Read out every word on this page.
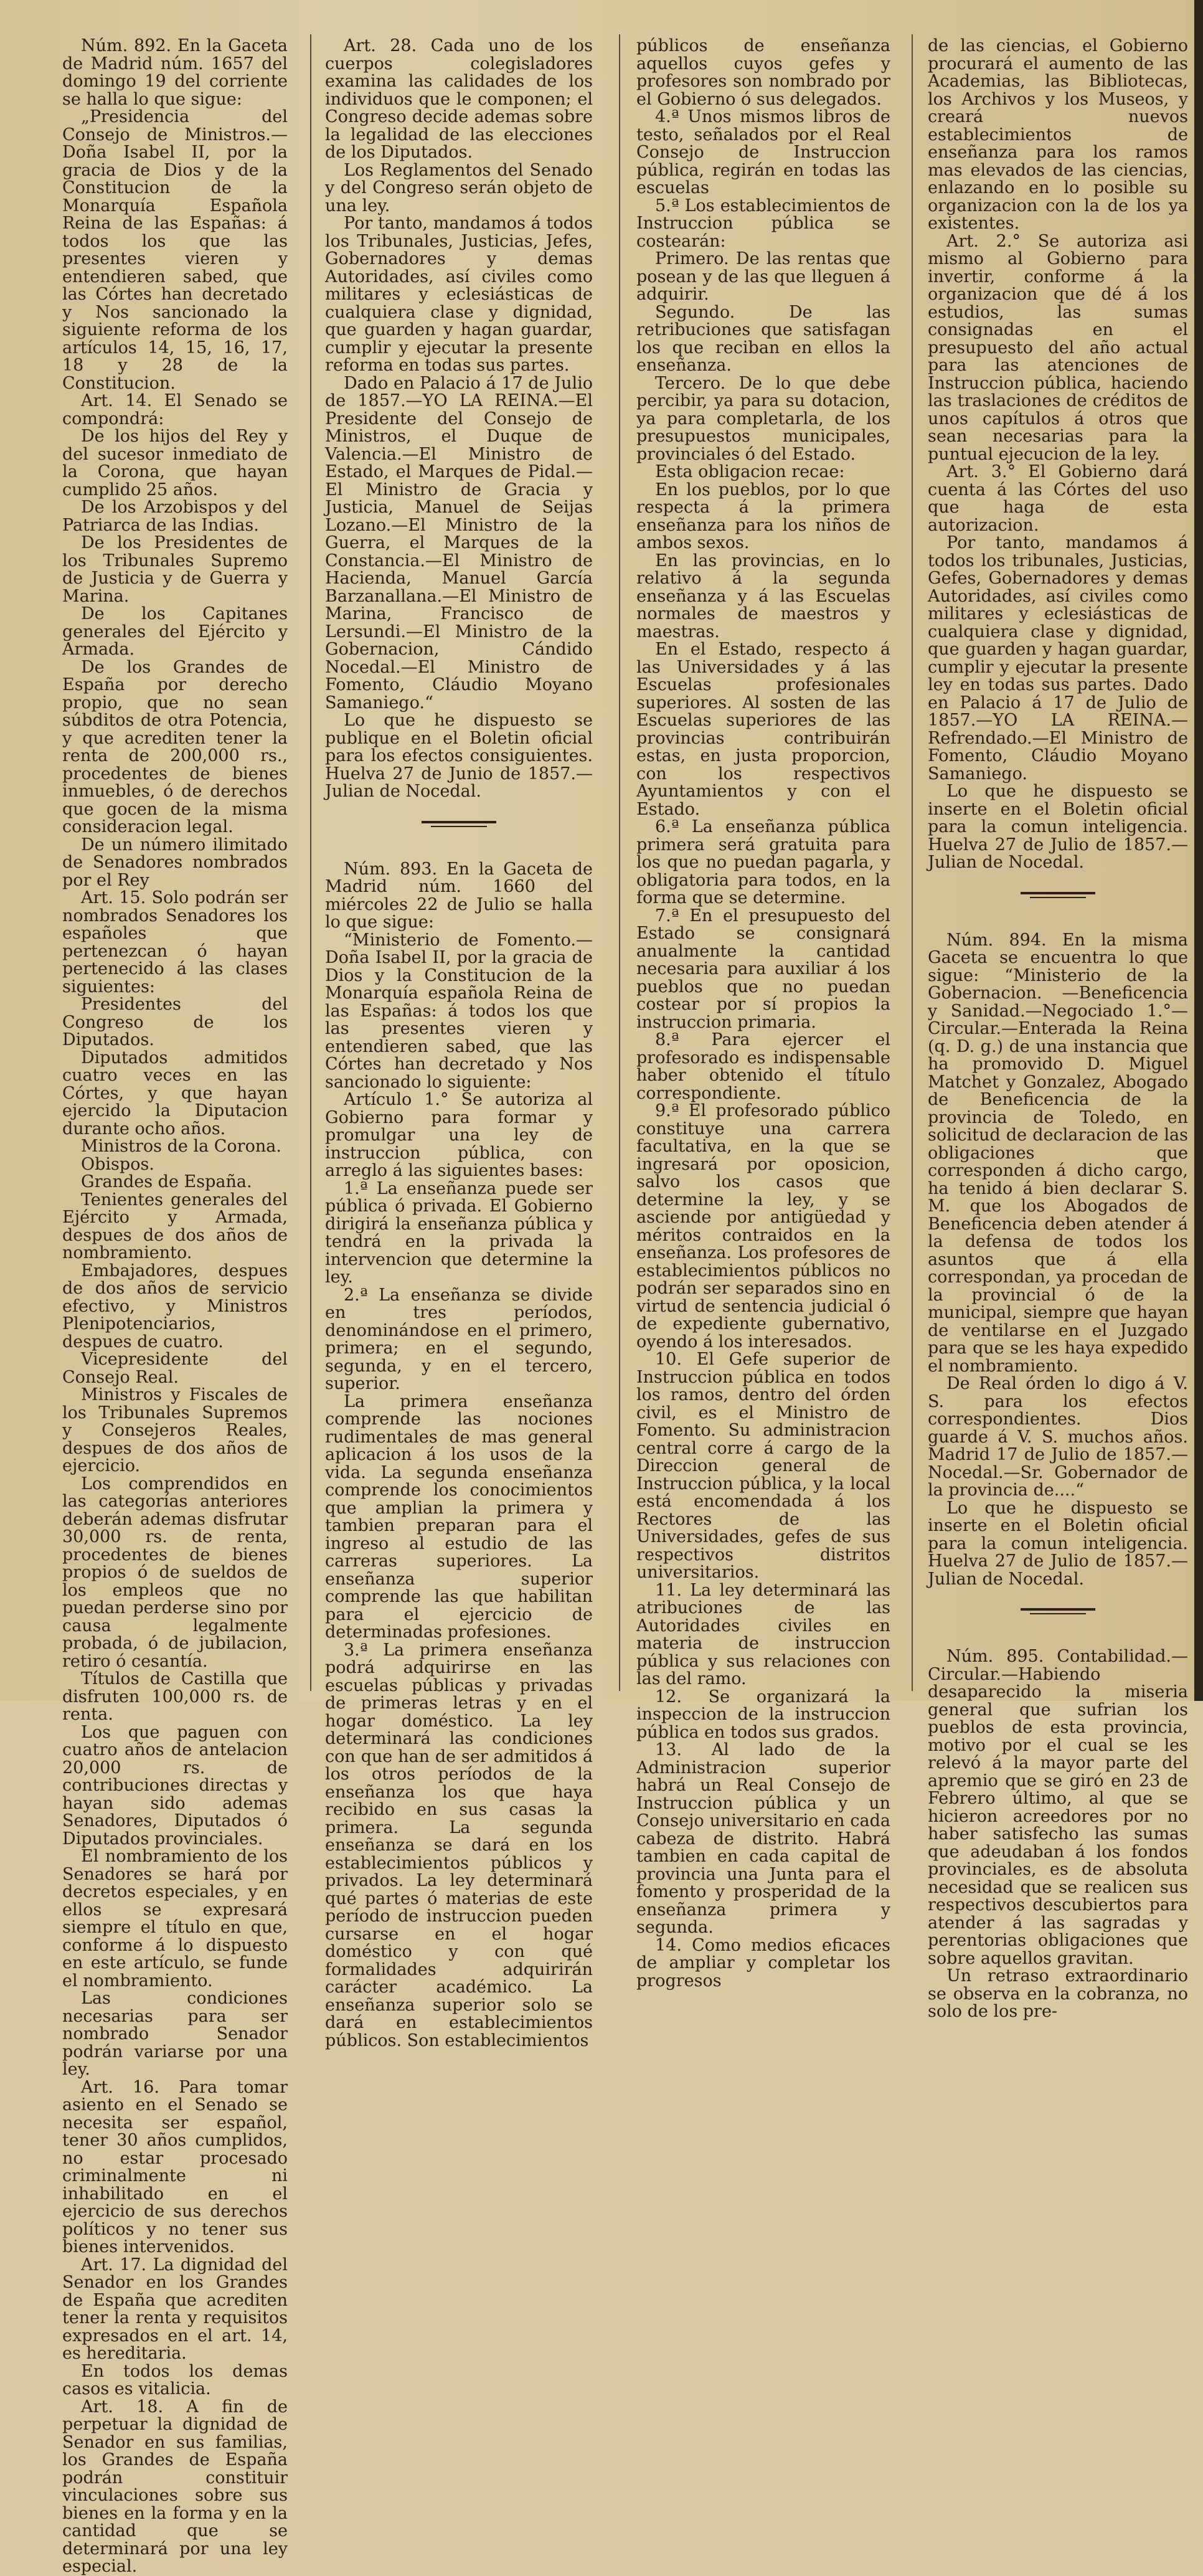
Núm. 892. En la Gaceta de Madrid núm. 1657 del domingo 19 del corriente se halla lo que sigue:

„Presidencia del Consejo de Ministros.—Doña Isabel II, por la gracia de Dios y de la Constitucion de la Monarquía Española Reina de las Españas: á todos los que las presentes vieren y entendieren sabed, que las Córtes han decretado y Nos sancionado la siguiente reforma de los artículos 14, 15, 16, 17, 18 y 28 de la Constitucion.

Art. 14. El Senado se compondrá:

De los hijos del Rey y del sucesor inmediato de la Corona, que hayan cumplido 25 años.

De los Arzobispos y del Patriarca de las Indias.

De los Presidentes de los Tribunales Supremo de Justicia y de Guerra y Marina.

De los Capitanes generales del Ejército y Armada.

De los Grandes de España por derecho propio, que no sean súbditos de otra Potencia, y que acrediten tener la renta de 200,000 rs., procedentes de bienes inmuebles, ó de derechos que gocen de la misma consideracion legal.

De un número ilimitado de Senadores nombrados por el Rey

Art. 15. Solo podrán ser nombrados Senadores los españoles que pertenezcan ó hayan pertenecido á las clases siguientes:

Presidentes del Congreso de los Diputados.

Diputados admitidos cuatro veces en las Córtes, y que hayan ejercido la Diputacion durante ocho años.

Ministros de la Corona.

Obispos.

Grandes de España.

Tenientes generales del Ejército y Armada, despues de dos años de nombramiento.

Embajadores, despues de dos años de servicio efectivo, y Ministros Plenipotenciarios, despues de cuatro.

Vicepresidente del Consejo Real.

Ministros y Fiscales de los Tribunales Supremos y Consejeros Reales, despues de dos años de ejercicio.

Los comprendidos en las categorías anteriores deberán ademas disfrutar 30,000 rs. de renta, procedentes de bienes propios ó de sueldos de los empleos que no puedan perderse sino por causa legalmente probada, ó de jubilacion, retiro ó cesantía.

Títulos de Castilla que disfruten 100,000 rs. de renta.

Los que paguen con cuatro años de antelacion 20,000 rs. de contribuciones directas y hayan sido ademas Senadores, Diputados ó Diputados provinciales.

El nombramiento de los Senadores se hará por decretos especiales, y en ellos se expresará siempre el título en que, conforme á lo dispuesto en este artículo, se funde el nombramiento.

Las condiciones necesarias para ser nombrado Senador podrán variarse por una ley.

Art. 16. Para tomar asiento en el Senado se necesita ser español, tener 30 años cumplidos, no estar procesado criminalmente ni inhabilitado en el ejercicio de sus derechos políticos y no tener sus bienes intervenidos.

Art. 17. La dignidad del Senador en los Grandes de España que acrediten tener la renta y requisitos expresados en el art. 14, es hereditaria.

En todos los demas casos es vitalicia.

Art. 18. A fin de perpetuar la dignidad de Senador en sus familias, los Grandes de España podrán constituir vinculaciones sobre sus bienes en la forma y en la cantidad que se determinará por una ley especial.

Art. 28. Cada uno de los cuerpos colegisladores examina las calidades de los individuos que le componen; el Congreso decide ademas sobre la legalidad de las elecciones de los Diputados.

Los Reglamentos del Senado y del Congreso serán objeto de una ley.

Por tanto, mandamos á todos los Tribunales, Justicias, Jefes, Gobernadores y demas Autoridades, así civiles como militares y eclesiásticas de cualquiera clase y dignidad, que guarden y hagan guardar, cumplir y ejecutar la presente reforma en todas sus partes.

Dado en Palacio á 17 de Julio de 1857.—YO LA REINA.—El Presidente del Consejo de Ministros, el Duque de Valencia.—El Ministro de Estado, el Marques de Pidal.—El Ministro de Gracia y Justicia, Manuel de Seijas Lozano.—El Ministro de la Guerra, el Marques de la Constancia.—El Ministro de Hacienda, Manuel García Barzanallana.—El Ministro de Marina, Francisco de Lersundi.—El Ministro de la Gobernacion, Cándido Nocedal.—El Ministro de Fomento, Cláudio Moyano Samaniego.“

Lo que he dispuesto se publique en el Boletin oficial para los efectos consiguientes. Huelva 27 de Junio de 1857.—Julian de Nocedal.

Núm. 893. En la Gaceta de Madrid núm. 1660 del miércoles 22 de Julio se halla lo que sigue:

“Ministerio de Fomento.—Doña Isabel II, por la gracia de Dios y la Constitucion de la Monarquía española Reina de las Españas: á todos los que las presentes vieren y entendieren sabed, que las Córtes han decretado y Nos sancionado lo siguiente:

Artículo 1.° Se autoriza al Gobierno para formar y promulgar una ley de instruccion pública, con arreglo á las siguientes bases:

1.ª La enseñanza puede ser pública ó privada. El Gobierno dirigirá la enseñanza pública y tendrá en la privada la intervencion que determine la ley.

2.ª La enseñanza se divide en tres períodos, denominándose en el primero, primera; en el segundo, segunda, y en el tercero, superior.

La primera enseñanza comprende las nociones rudimentales de mas general aplicacion á los usos de la vida. La segunda enseñanza comprende los conocimientos que amplian la primera y tambien preparan para el ingreso al estudio de las carreras superiores. La enseñanza superior comprende las que habilitan para el ejercicio de determinadas profesiones.

3.ª La primera enseñanza podrá adquirirse en las escuelas públicas y privadas de primeras letras y en el hogar doméstico. La ley determinará las condiciones con que han de ser admitidos á los otros períodos de la enseñanza los que haya recibido en sus casas la primera. La segunda enseñanza se dará en los establecimientos públicos y privados. La ley determinará qué partes ó materias de este período de instruccion pueden cursarse en el hogar doméstico y con qué formalidades adquirirán carácter académico. La enseñanza superior solo se dará en establecimientos públicos. Son establecimientos

públicos de enseñanza aquellos cuyos gefes y profesores son nombrado por el Gobierno ó sus delegados.

4.ª Unos mismos libros de testo, señalados por el Real Consejo de Instruccion pública, regirán en todas las escuelas

5.ª Los establecimientos de Instruccion pública se costearán:

Primero. De las rentas que posean y de las que lleguen á adquirir.

Segundo. De las retribuciones que satisfagan los que reciban en ellos la enseñanza.

Tercero. De lo que debe percibir, ya para su dotacion, ya para completarla, de los presupuestos municipales, provinciales ó del Estado.

Esta obligacion recae:

En los pueblos, por lo que respecta á la primera enseñanza para los niños de ambos sexos.

En las provincias, en lo relativo á la segunda enseñanza y á las Escuelas normales de maestros y maestras.

En el Estado, respecto á las Universidades y á las Escuelas profesionales superiores. Al sosten de las Escuelas superiores de las provincias contribuirán estas, en justa proporcion, con los respectivos Ayuntamientos y con el Estado.

6.ª La enseñanza pública primera será gratuita para los que no puedan pagarla, y obligatoria para todos, en la forma que se determine.

7.ª En el presupuesto del Estado se consignará anualmente la cantidad necesaria para auxiliar á los pueblos que no puedan costear por sí propios la instruccion primaria.

8.ª Para ejercer el profesorado es indispensable haber obtenido el título correspondiente.

9.ª El profesorado público constituye una carrera facultativa, en la que se ingresará por oposicion, salvo los casos que determine la ley, y se asciende por antigüedad y méritos contraidos en la enseñanza. Los profesores de establecimientos públicos no podrán ser separados sino en virtud de sentencia judicial ó de expediente gubernativo, oyendo á los interesados.

10. El Gefe superior de Instruccion pública en todos los ramos, dentro del órden civil, es el Ministro de Fomento. Su administracion central corre á cargo de la Direccion general de Instruccion pública, y la local está encomendada á los Rectores de las Universidades, gefes de sus respectivos distritos universitarios.

11. La ley determinará las atribuciones de las Autoridades civiles en materia de instruccion pública y sus relaciones con las del ramo.

12. Se organizará la inspeccion de la instruccion pública en todos sus grados.

13. Al lado de la Administracion superior habrá un Real Consejo de Instruccion pública y un Consejo universitario en cada cabeza de distrito. Habrá tambien en cada capital de provincia una Junta para el fomento y prosperidad de la enseñanza primera y segunda.

14. Como medios eficaces de ampliar y completar los progresos

de las ciencias, el Gobierno procurará el aumento de las Academias, las Bibliotecas, los Archivos y los Museos, y creará nuevos establecimientos de enseñanza para los ramos mas elevados de las ciencias, enlazando en lo posible su organizacion con la de los ya existentes.

Art. 2.° Se autoriza asi mismo al Gobierno para invertir, conforme á la organizacion que dé á los estudios, las sumas consignadas en el presupuesto del año actual para las atenciones de Instruccion pública, haciendo las traslaciones de créditos de unos capítulos á otros que sean necesarias para la puntual ejecucion de la ley.

Art. 3.° El Gobierno dará cuenta á las Córtes del uso que haga de esta autorizacion.

Por tanto, mandamos á todos los tribunales, Justicias, Gefes, Gobernadores y demas Autoridades, así civiles como militares y eclesiásticas de cualquiera clase y dignidad, que guarden y hagan guardar, cumplir y ejecutar la presente ley en todas sus partes. Dado en Palacio á 17 de Julio de 1857.—YO LA REINA.—Refrendado.—El Ministro de Fomento, Cláudio Moyano Samaniego.

Lo que he dispuesto se inserte en el Boletin oficial para la comun inteligencia. Huelva 27 de Julio de 1857.—Julian de Nocedal.

Núm. 894. En la misma Gaceta se encuentra lo que sigue: “Ministerio de la Gobernacion. —Beneficencia y Sanidad.—Negociado 1.°—Circular.—Enterada la Reina (q. D. g.) de una instancia que ha promovido D. Miguel Matchet y Gonzalez, Abogado de Beneficencia de la provincia de Toledo, en solicitud de declaracion de las obligaciones que corresponden á dicho cargo, ha tenido á bien declarar S. M. que los Abogados de Beneficencia deben atender á la defensa de todos los asuntos que á ella correspondan, ya procedan de la provincial ó de la municipal, siempre que hayan de ventilarse en el Juzgado para que se les haya expedido el nombramiento.

De Real órden lo digo á V. S. para los efectos correspondientes. Dios guarde á V. S. muchos años. Madrid 17 de Julio de 1857.—Nocedal.—Sr. Gobernador de la provincia de....“

Lo que he dispuesto se inserte en el Boletin oficial para la comun inteligencia. Huelva 27 de Julio de 1857.—Julian de Nocedal.

Núm. 895. Contabilidad.—Circular.—Habiendo desaparecido la miseria general que sufrian los pueblos de esta provincia, motivo por el cual se les relevó á la mayor parte del apremio que se giró en 23 de Febrero último, al que se hicieron acreedores por no haber satisfecho las sumas que adeudaban á los fondos provinciales, es de absoluta necesidad que se realicen sus respectivos descubiertos para atender á las sagradas y perentorias obligaciones que sobre aquellos gravitan.

Un retraso extraordinario se observa en la cobranza, no solo de los pre-
